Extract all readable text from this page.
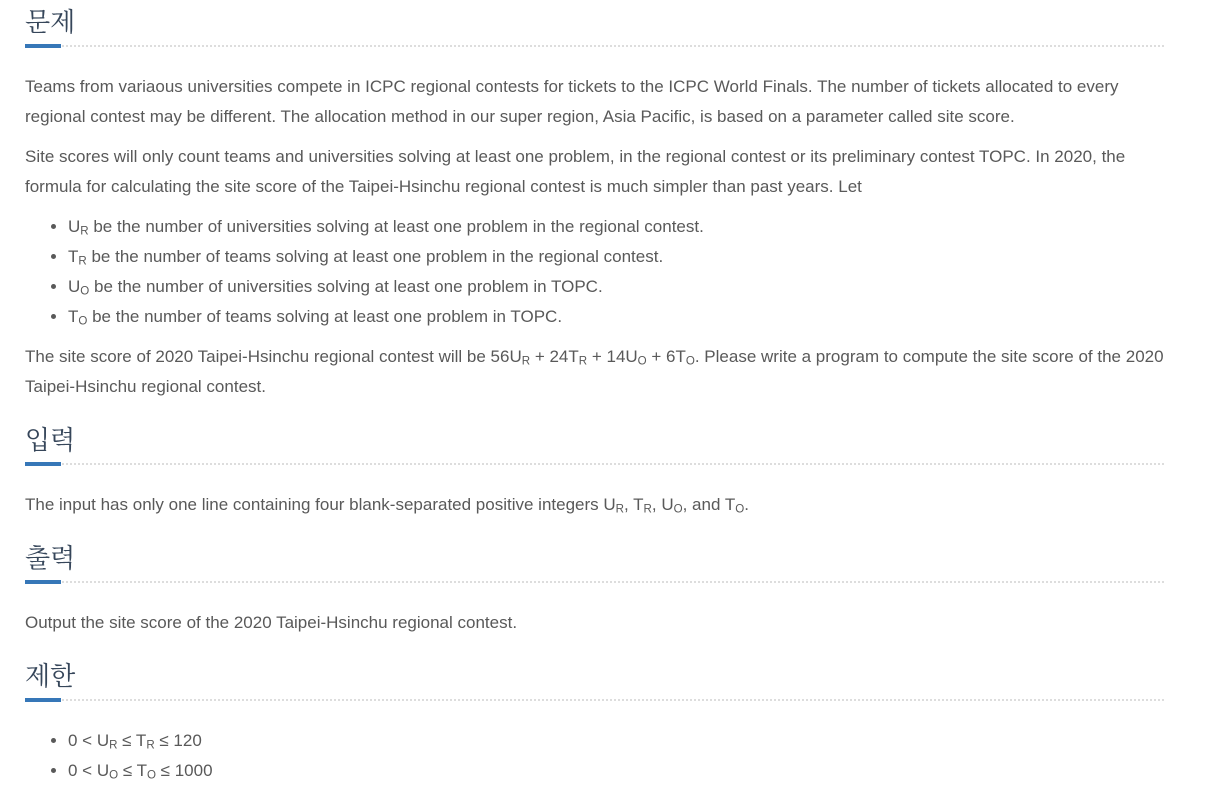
문제

Teams from variaous universities compete in ICPC regional contests for tickets to the ICPC World Finals. The number of tickets allocated to every regional contest may be different. The allocation method in our super region, Asia Pacific, is based on a parameter called site score.

Site scores will only count teams and universities solving at least one problem, in the regional contest or its preliminary contest TOPC. In 2020, the formula for calculating the site score of the Taipei-Hsinchu regional contest is much simpler than past years. Let

• $U_R$ be the number of universities solving at least one problem in the regional contest.
• $T_R$ be the number of teams solving at least one problem in the regional contest.
• $U_O$ be the number of universities solving at least one problem in TOPC.
• $T_O$ be the number of teams solving at least one problem in TOPC.

The site score of 2020 Taipei-Hsinchu regional contest will be $56U_R + 24T_R + 14U_O + 6T_O$. Please write a program to compute the site score of the 2020 Taipei-Hsinchu regional contest.

입력

The input has only one line containing four blank-separated positive integers $U_R$, $T_R$, $U_O$, and $T_O$.

출력

Output the site score of the 2020 Taipei-Hsinchu regional contest.

제한
• $0 < U_R \le T_R \le 120$
• $0 < U_O \le T_O \le 1000$
